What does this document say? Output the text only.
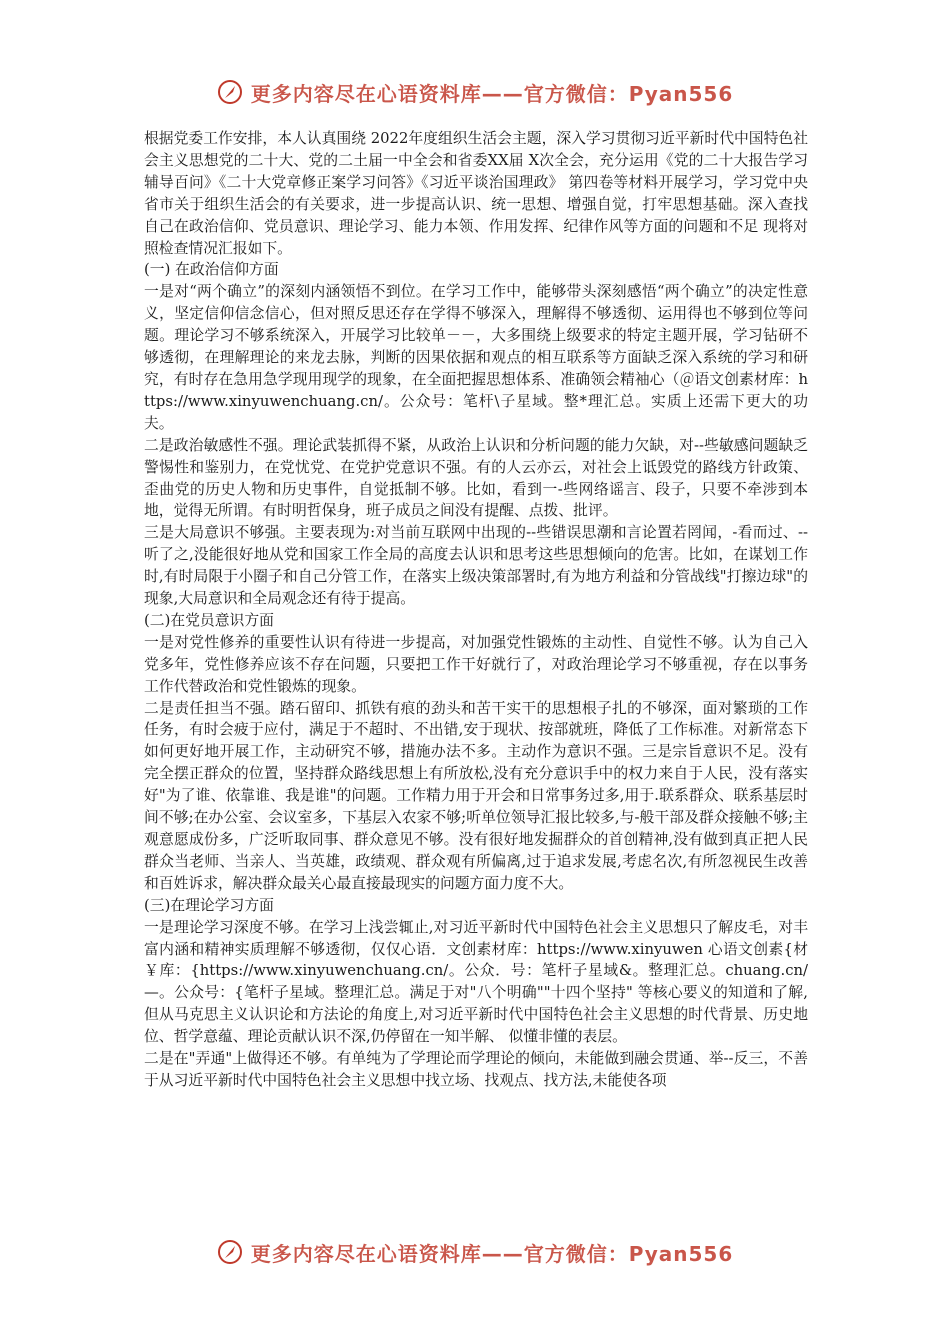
更多内容尽在心语资料库——官方微信：Pyan556

根据党委工作安排，本人认真围绕 2022年度组织生活会主题，深入学习贯彻习近平新时代中国特色社会主义思想党的二十大、党的二土届一中全会和省委XX届 X次全会，充分运用《党的二十大报告学习辅导百问》《二十大党章修正案学习问答》《习近平谈治国理政》 第四卷等材料开展学习，学习党中央省市关于组织生活会的有关要求，进一步提高认识、统一思想、增强自觉，打牢思想基础。深入查找自己在政治信仰、党员意识、理论学习、能力本领、作用发挥、纪律作风等方面的问题和不足 现将对照检查情况汇报如下。

(一) 在政治信仰方面

一是对“两个确立”的深刻内涵领悟不到位。在学习工作中，能够带头深刻感悟“两个确立”的决定性意义，坚定信仰信念信心，但对照反思还存在学得不够深入，理解得不够透彻、运用得也不够到位等问题。理论学习不够系统深入，开展学习比较单－－，大多围绕上级要求的特定主题开展，学习钻研不够透彻，在理解理论的来龙去脉，判断的因果依据和观点的相互联系等方面缺乏深入系统的学习和研究，有时存在急用急学现用现学的现象，在全面把握思想体系、准确领会精袖心（＠语文创素材库：https://www.xinyuwenchuang.cn/。公众号：笔杆\子星域。整*理汇总。实质上还需下更大的功夫。

二是政治敏感性不强。理论武装抓得不紧，从政治上认识和分析问题的能力欠缺，对--些敏感问题缺乏警惕性和鉴别力，在党忧党、在党护党意识不强。有的人云亦云，对社会上诋毁党的路线方针政策、歪曲党的历史人物和历史事件，自觉抵制不够。比如，看到一-些网络谣言、段子，只要不牵涉到本地，觉得无所谓。有时明哲保身，班子成员之间没有提醒、点拨、批评。

三是大局意识不够强。主要表现为:对当前互联网中出现的--些错误思潮和言论置若罔闻，-看而过、--听了之,没能很好地从党和国家工作全局的高度去认识和思考这些思想倾向的危害。比如，在谋划工作时,有时局限于小圈子和自己分管工作，在落实上级决策部署时,有为地方利益和分管战线"打擦边球"的现象,大局意识和全局观念还有待于提高。

(二)在党员意识方面

一是对党性修养的重要性认识有待进一步提高，对加强党性锻炼的主动性、自觉性不够。认为自己入党多年，党性修养应该不存在问题，只要把工作干好就行了，对政治理论学习不够重视，存在以事务工作代替政治和党性锻炼的现象。

二是责任担当不强。踏石留印、抓铁有痕的劲头和苦干实干的思想根子扎的不够深，面对繁琐的工作任务，有时会疲于应付，满足于不超时、不出错,安于现状、按部就班，降低了工作标准。对新常态下如何更好地开展工作，主动研究不够，措施办法不多。主动作为意识不强。三是宗旨意识不足。没有完全摆正群众的位置，坚持群众路线思想上有所放松,没有充分意识手中的权力来自于人民，没有落实好"为了谁、依靠谁、我是谁"的问题。工作精力用于开会和日常事务过多,用于.联系群众、联系基层时间不够;在办公室、会议室多，下基层入农家不够;听单位领导汇报比较多,与-般干部及群众接触不够;主观意愿成份多，广泛听取同事、群众意见不够。没有很好地发掘群众的首创精神,没有做到真正把人民群众当老师、当亲人、当英雄，政绩观、群众观有所偏离,过于追求发展,考虑名次,有所忽视民生改善和百姓诉求，解决群众最关心最直接最现实的问题方面力度不大。

(三)在理论学习方面

一是理论学习深度不够。在学习上浅尝辄止,对习近平新时代中国特色社会主义思想只了解皮毛，对丰富内涵和精神实质理解不够透彻，仅仅心语．文创素材库：https://www.xinyuwen 心语文创素{材￥库：{https://www.xinyuwenchuang.cn/。公众．号：笔杆子星域&。整理汇总。chuang.cn/—。公众号：{笔杆子星域。整理汇总。满足于对"八个明确""十四个坚持" 等核心要义的知道和了解,但从马克思主义认识论和方法论的角度上,对习近平新时代中国特色社会主义思想的时代背景、历史地位、哲学意蕴、理论贡献认识不深,仍停留在一知半解、 似懂非懂的表层。

二是在"弄通"上做得还不够。有单纯为了学理论而学理论的倾向，未能做到融会贯通、举--反三，不善于从习近平新时代中国特色社会主义思想中找立场、找观点、找方法,未能使各项

更多内容尽在心语资料库——官方微信：Pyan556
